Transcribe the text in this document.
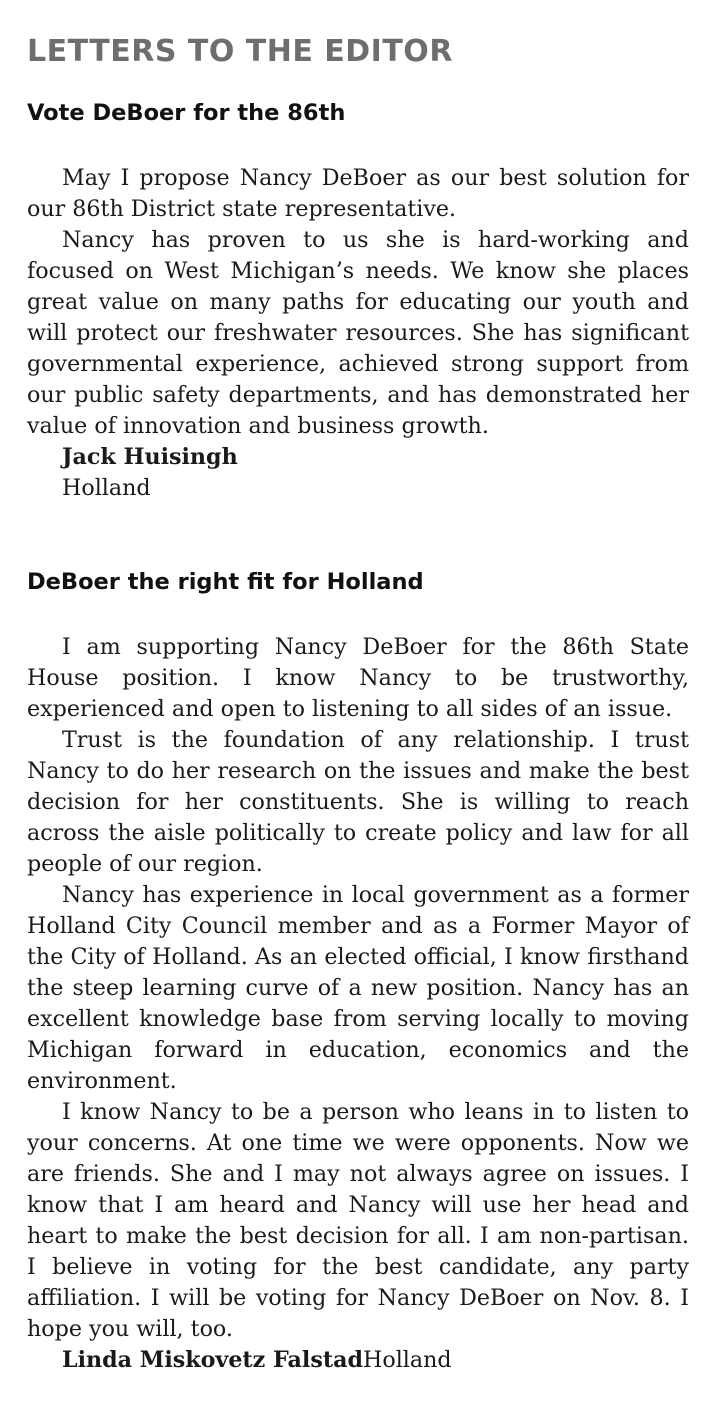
LETTERS TO THE EDITOR
Vote DeBoer for the 86th

May I propose Nancy DeBoer as our best solution for our 86th District state representative.

Nancy has proven to us she is hard-working and focused on West Michigan’s needs. We know she places great value on many paths for educating our youth and will protect our freshwater resources. She has significant governmental experience, achieved strong support from our public safety departments, and has demonstrated her value of innovation and business growth.

Jack Huisingh

Holland

DeBoer the right fit for Holland

I am supporting Nancy DeBoer for the 86th State House position. I know Nancy to be trustworthy, experienced and open to listening to all sides of an issue.

Trust is the foundation of any relationship. I trust Nancy to do her research on the issues and make the best decision for her constituents. She is willing to reach across the aisle politically to create policy and law for all people of our region.

Nancy has experience in local government as a former Holland City Council member and as a Former Mayor of the City of Holland. As an elected official, I know firsthand the steep learning curve of a new position. Nancy has an excellent knowledge base from serving locally to moving Michigan forward in education, economics and the environment.

I know Nancy to be a person who leans in to listen to your concerns. At one time we were opponents. Now we are friends. She and I may not always agree on issues. I know that I am heard and Nancy will use her head and heart to make the best decision for all. I am non-partisan. I believe in voting for the best candidate, any party affiliation. I will be voting for Nancy DeBoer on Nov. 8. I hope you will, too.

Linda Miskovetz FalstadHolland
